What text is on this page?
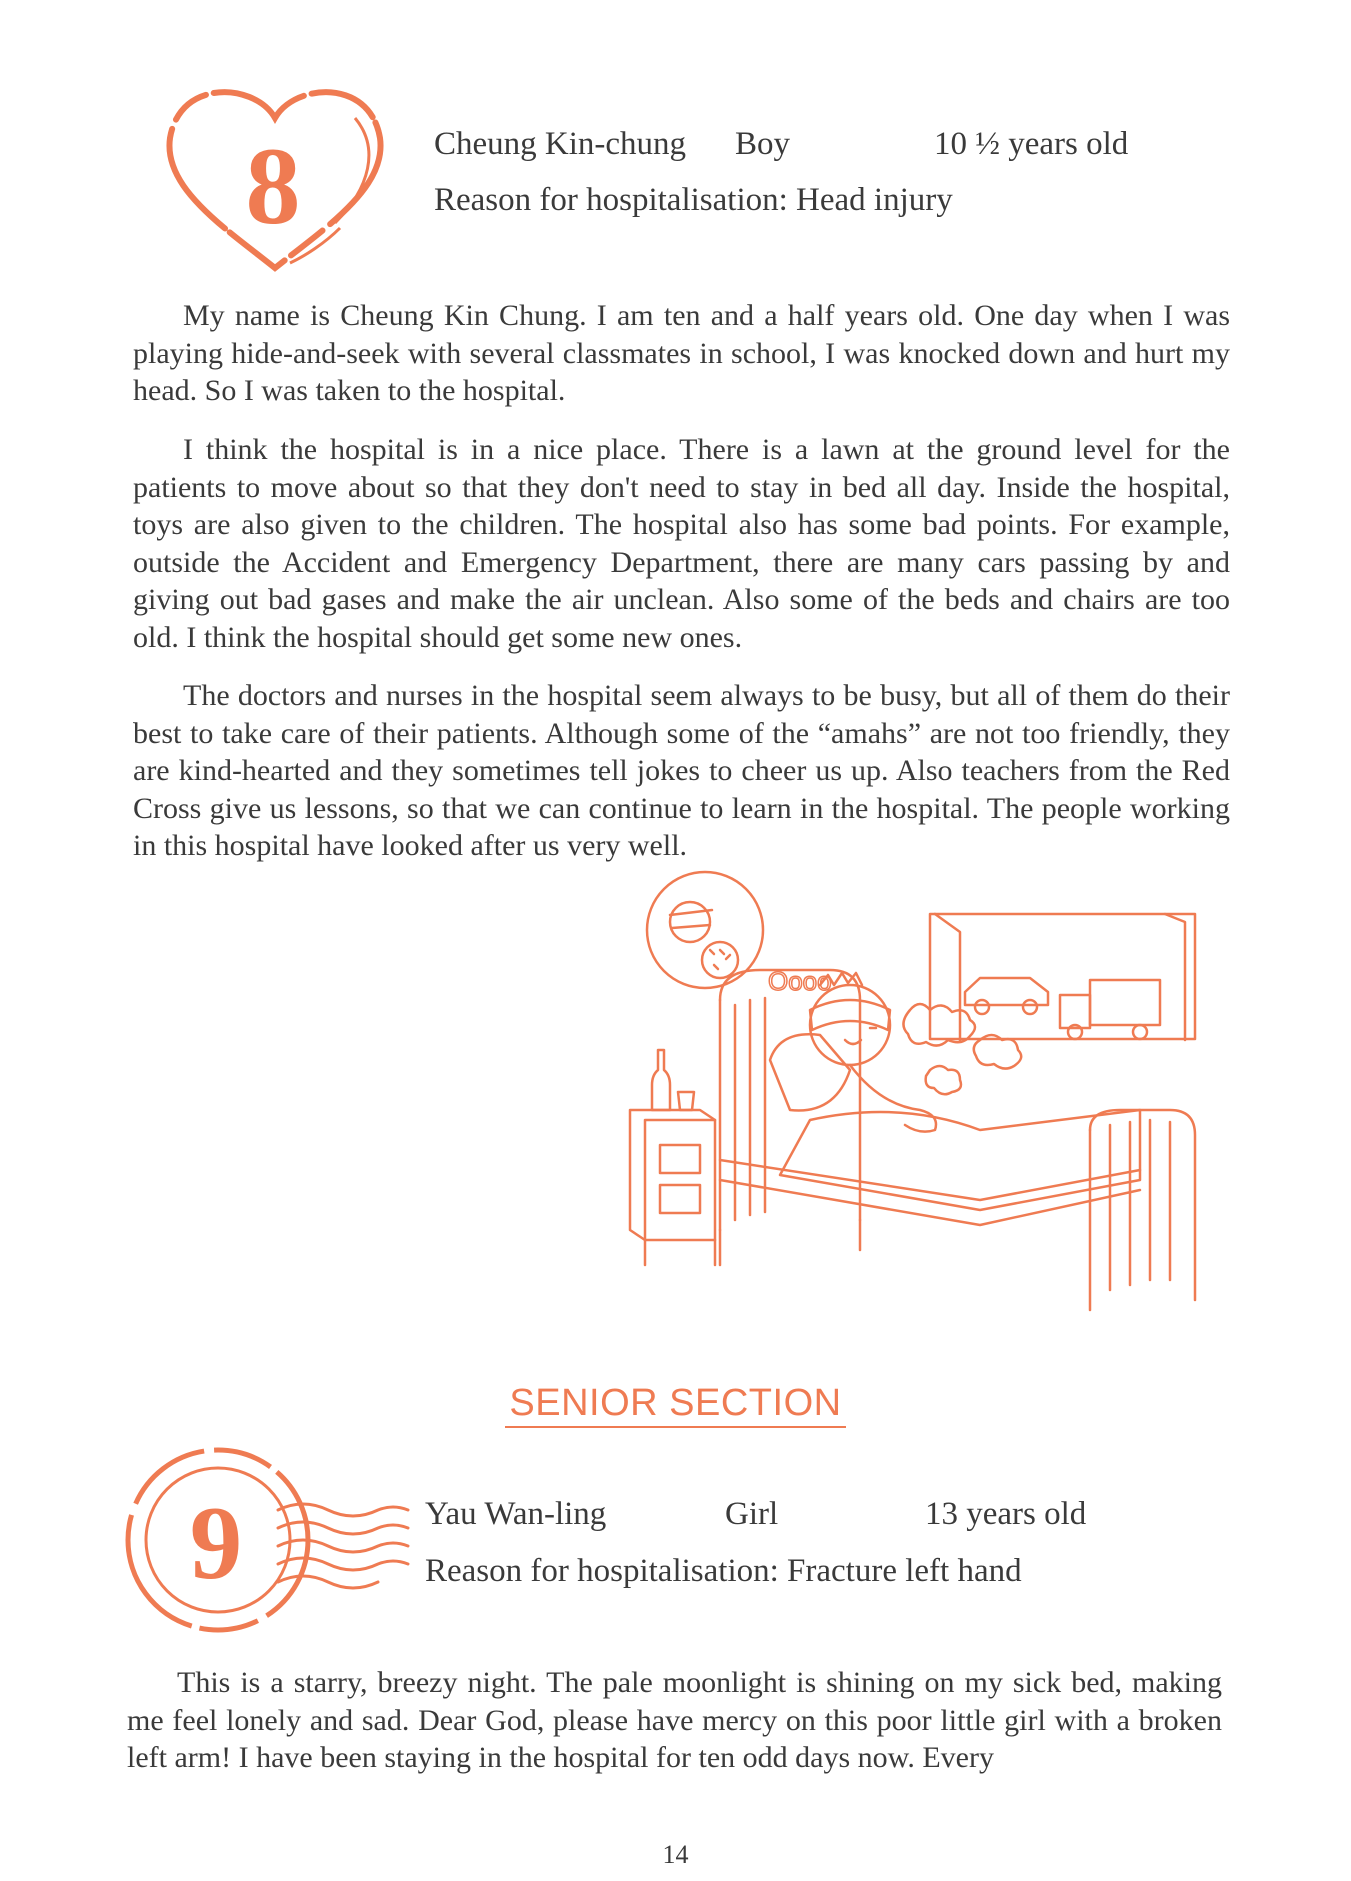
8	Cheung Kin-chung Boy	10 ½ years old
Reason for hospitalisation: Head injury

My name is Cheung Kin Chung. I am ten and a half years old. One day when I was playing hide-and-seek with several classmates in school, I was knocked down and hurt my head. So I was taken to the hospital.

I think the hospital is in a nice place. There is a lawn at the ground level for the patients to move about so that they don't need to stay in bed all day. Inside the hospital, toys are also given to the children. The hospital also has some bad points. For example, outside the Accident and Emergency Department, there are many cars passing by and giving out bad gases and make the air unclean. Also some of the beds and chairs are too old. I think the hospital should get some new ones.

The doctors and nurses in the hospital seem always to be busy, but all of them do their best to take care of their patients. Although some of the “amahs” are not too friendly, they are kind-hearted and they sometimes tell jokes to cheer us up. Also teachers from the Red Cross give us lessons, so that we can continue to learn in the hospital. The people working in this hospital have looked after us very well.

Oooo
SENIOR SECTION
9	Yau Wan-ling	Girl	13 years old
Reason for hospitalisation: Fracture left hand

This is a starry, breezy night. The pale moonlight is shining on my sick bed, making me feel lonely and sad. Dear God, please have mercy on this poor little girl with a broken left arm! I have been staying in the hospital for ten odd days now. Every

14
